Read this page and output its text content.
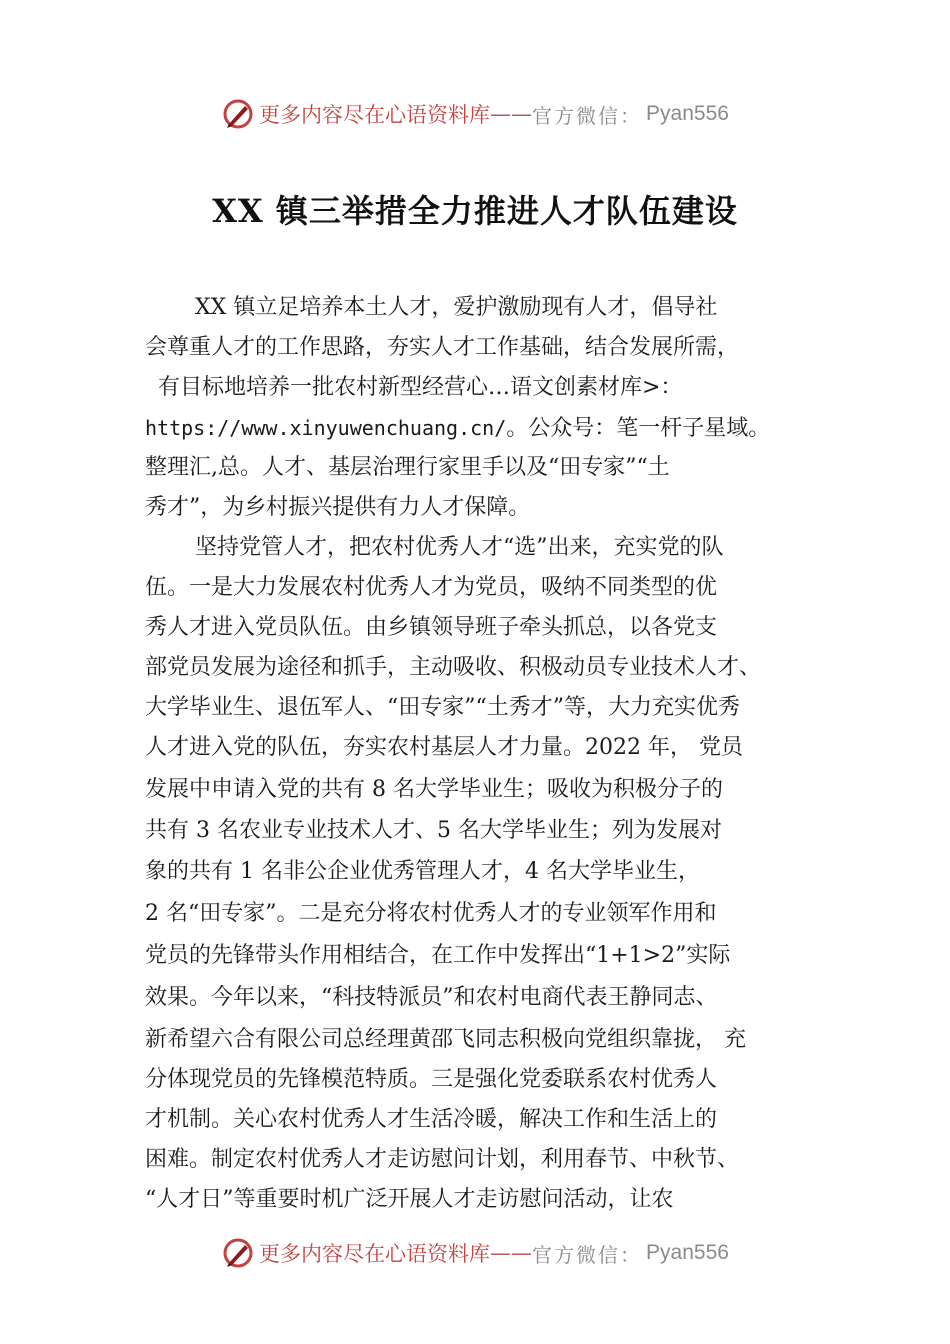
更多内容尽在心语资料库 —— 官方微信： Pyan556
XX 镇三举措全力推进人才队伍建设
XX 镇立足培养本土人才，爱护激励现有人才，倡导社
会尊重人才的工作思路，夯实人才工作基础，结合发展所需，
有目标地培养一批农村新型经营心…语文创素材库>：
https://www.xinyuwenchuang.cn/。公众号：笔一杆子星域。
整理汇,总。人才、基层治理行家里手以及“田专家”“土
秀才”，为乡村振兴提供有力人才保障。
坚持党管人才，把农村优秀人才“选”出来，充实党的队
伍。一是大力发展农村优秀人才为党员，吸纳不同类型的优
秀人才进入党员队伍。由乡镇领导班子牵头抓总，以各党支
部党员发展为途径和抓手，主动吸收、积极动员专业技术人才、
大学毕业生、退伍军人、“田专家”“土秀才”等，大力充实优秀
人才进入党的队伍，夯实农村基层人才力量。2022 年， 党员
发展中申请入党的共有 8 名大学毕业生；吸收为积极分子的
共有 3 名农业专业技术人才、5 名大学毕业生；列为发展对
象的共有 1 名非公企业优秀管理人才，4 名大学毕业生，
2 名“田专家”。二是充分将农村优秀人才的专业领军作用和
党员的先锋带头作用相结合，在工作中发挥出“1+1>2”实际
效果。今年以来，“科技特派员”和农村电商代表王静同志、
新希望六合有限公司总经理黄邵飞同志积极向党组织靠拢， 充
分体现党员的先锋模范特质。三是强化党委联系农村优秀人
才机制。关心农村优秀人才生活冷暖，解决工作和生活上的
困难。制定农村优秀人才走访慰问计划，利用春节、中秋节、
“人才日”等重要时机广泛开展人才走访慰问活动，让农
更多内容尽在心语资料库 —— 官方微信： Pyan556
